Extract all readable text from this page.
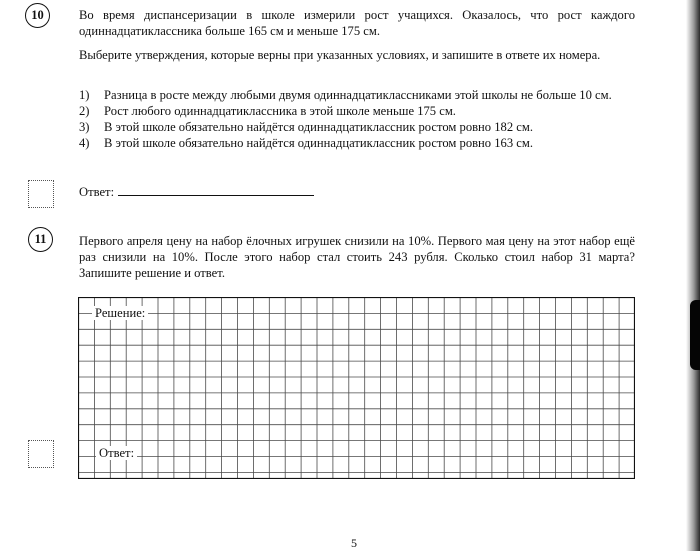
10	Во время диспансеризации в школе измерили рост учащихся. Оказалось, что рост каждого одиннадцатиклассника больше 165 см и меньше 175 см.

Выберите утверждения, которые верны при указанных условиях, и запишите в ответе их номера.

1)	Разница в росте между любыми двумя одиннадцатиклассниками этой школы не больше 10 см.
2)	Рост любого одиннадцатиклассника в этой школе меньше 175 см.
3)	В этой школе обязательно найдётся одиннадцатиклассник ростом ровно 182 см.
4)	В этой школе обязательно найдётся одиннадцатиклассник ростом ровно 163 см.
Ответ:
11	Первого апреля цену на набор ёлочных игрушек снизили на 10%. Первого мая цену на этот набор ещё раз снизили на 10%. После этого набор стал стоить 243 рубля. Сколько стоил набор 31 марта? Запишите решение и ответ.

Решение:
Ответ:
5
